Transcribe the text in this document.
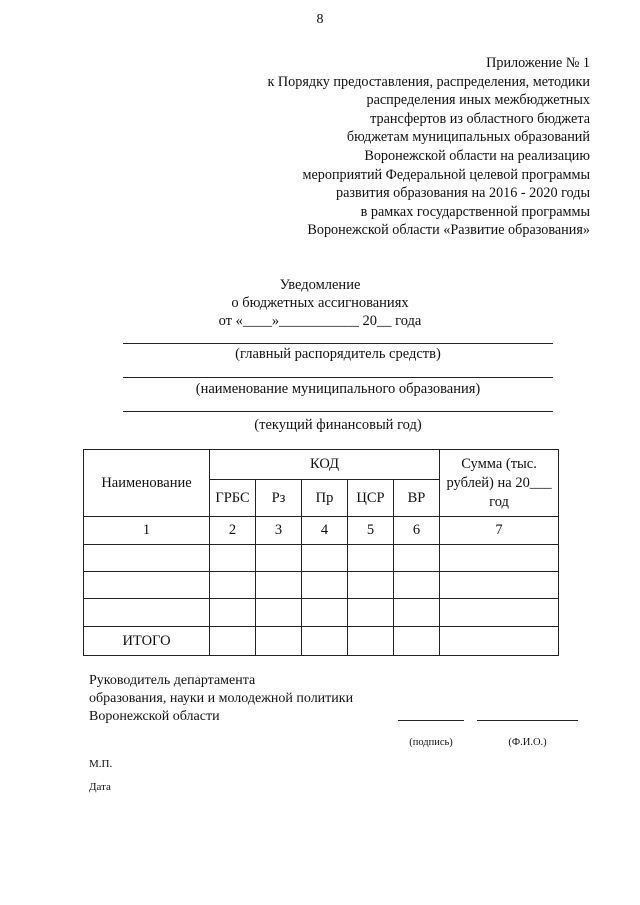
8
Приложение № 1
к Порядку предоставления, распределения, методики
распределения иных межбюджетных
трансфертов из областного бюджета
бюджетам муниципальных образований
Воронежской области на реализацию
мероприятий Федеральной целевой программы
развития образования на 2016 - 2020 годы
в рамках государственной программы
Воронежской области «Развитие образования»
Уведомление
о бюджетных ассигнованиях
от «____»___________ 20__ года
(главный распорядитель средств)
(наименование муниципального образования)
(текущий финансовый год)
Наименование	КОД					Сумма (тыс.
рублей) на 20___
год

	ГРБС	Рз	Пр	ЦСР	ВР	
1	2	3	4	5	6	7

ИТОГО						
Руководитель департамента
образования, науки и молодежной политики
Воронежской области
(подпись)	(Ф.И.О.)
М.П.
Дата
